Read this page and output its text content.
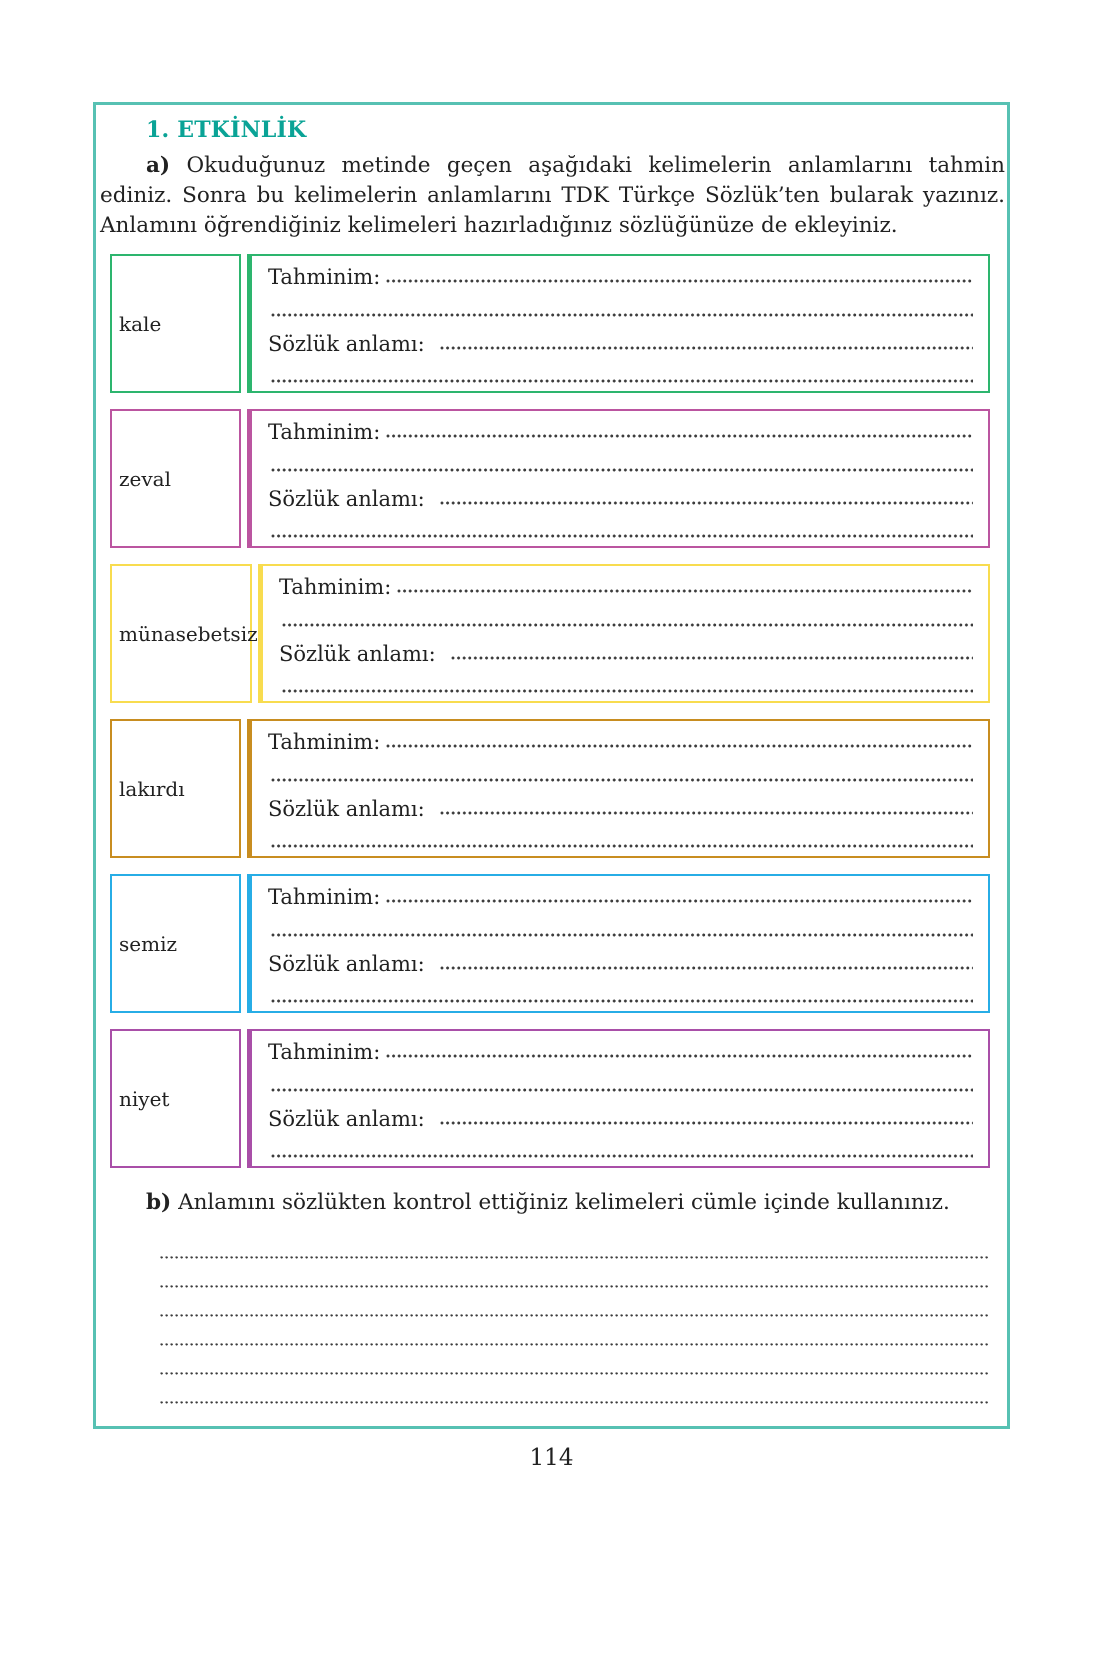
1. ETKİNLİK

a) Okuduğunuz metinde geçen aşağıdaki kelimelerin anlamlarını tahmin ediniz. Sonra bu kelimelerin anlamlarını TDK Türkçe Sözlük’ten bularak yazınız. Anlamını öğrendiğiniz kelimeleri hazırladığınız sözlüğünüze de ekleyiniz.

kale
Tahminim:
Sözlük anlamı:
zeval
Tahminim:
Sözlük anlamı:
münasebetsiz
Tahminim:
Sözlük anlamı:
lakırdı
Tahminim:
Sözlük anlamı:
semiz
Tahminim:
Sözlük anlamı:
niyet
Tahminim:
Sözlük anlamı:

b) Anlamını sözlükten kontrol ettiğiniz kelimeleri cümle içinde kullanınız.

114
